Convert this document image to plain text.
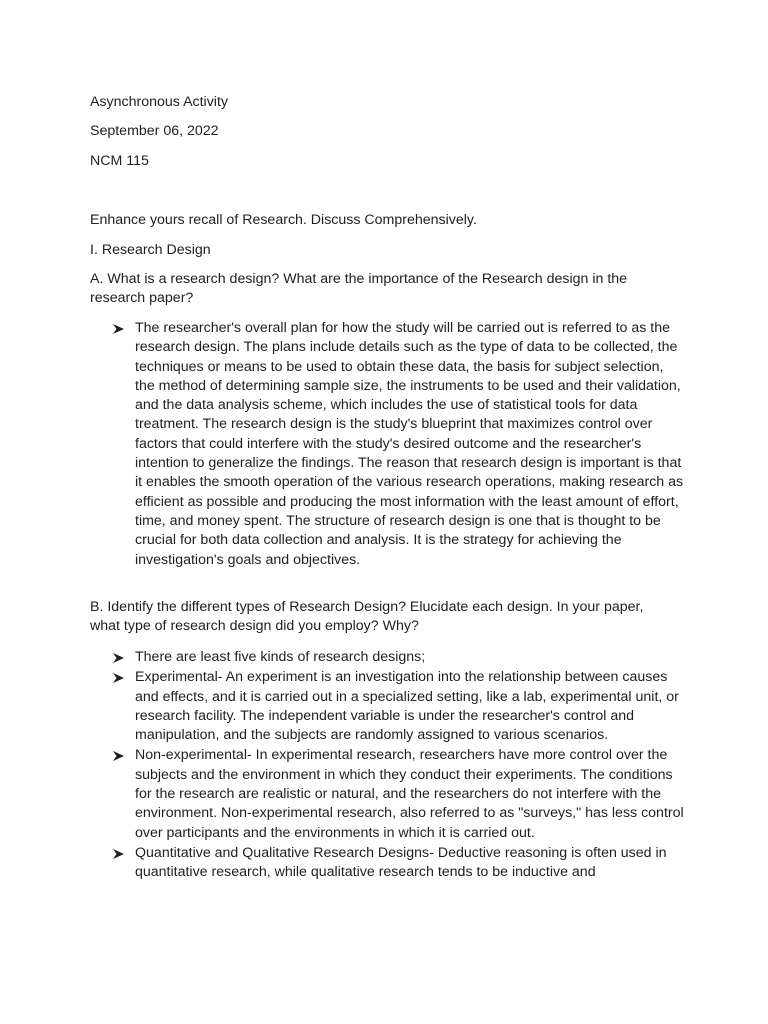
Asynchronous Activity
September 06, 2022
NCM 115
Enhance yours recall of Research. Discuss Comprehensively.
I. Research Design

A. What is a research design? What are the importance of the Research design in the research paper?

The researcher's overall plan for how the study will be carried out is referred to as the research design. The plans include details such as the type of data to be collected, the techniques or means to be used to obtain these data, the basis for subject selection, the method of determining sample size, the instruments to be used and their validation, and the data analysis scheme, which includes the use of statistical tools for data treatment. The research design is the study's blueprint that maximizes control over factors that could interfere with the study's desired outcome and the researcher's intention to generalize the findings. The reason that research design is important is that it enables the smooth operation of the various research operations, making research as efficient as possible and producing the most information with the least amount of effort, time, and money spent. The structure of research design is one that is thought to be crucial for both data collection and analysis. It is the strategy for achieving the investigation's goals and objectives.

B. Identify the different types of Research Design? Elucidate each design. In your paper, what type of research design did you employ? Why?

There are least five kinds of research designs;
Experimental- An experiment is an investigation into the relationship between causes and effects, and it is carried out in a specialized setting, like a lab, experimental unit, or research facility. The independent variable is under the researcher's control and manipulation, and the subjects are randomly assigned to various scenarios.
Non-experimental- In experimental research, researchers have more control over the subjects and the environment in which they conduct their experiments. The conditions for the research are realistic or natural, and the researchers do not interfere with the environment. Non-experimental research, also referred to as "surveys," has less control over participants and the environments in which it is carried out.
Quantitative and Qualitative Research Designs- Deductive reasoning is often used in quantitative research, while qualitative research tends to be inductive and
